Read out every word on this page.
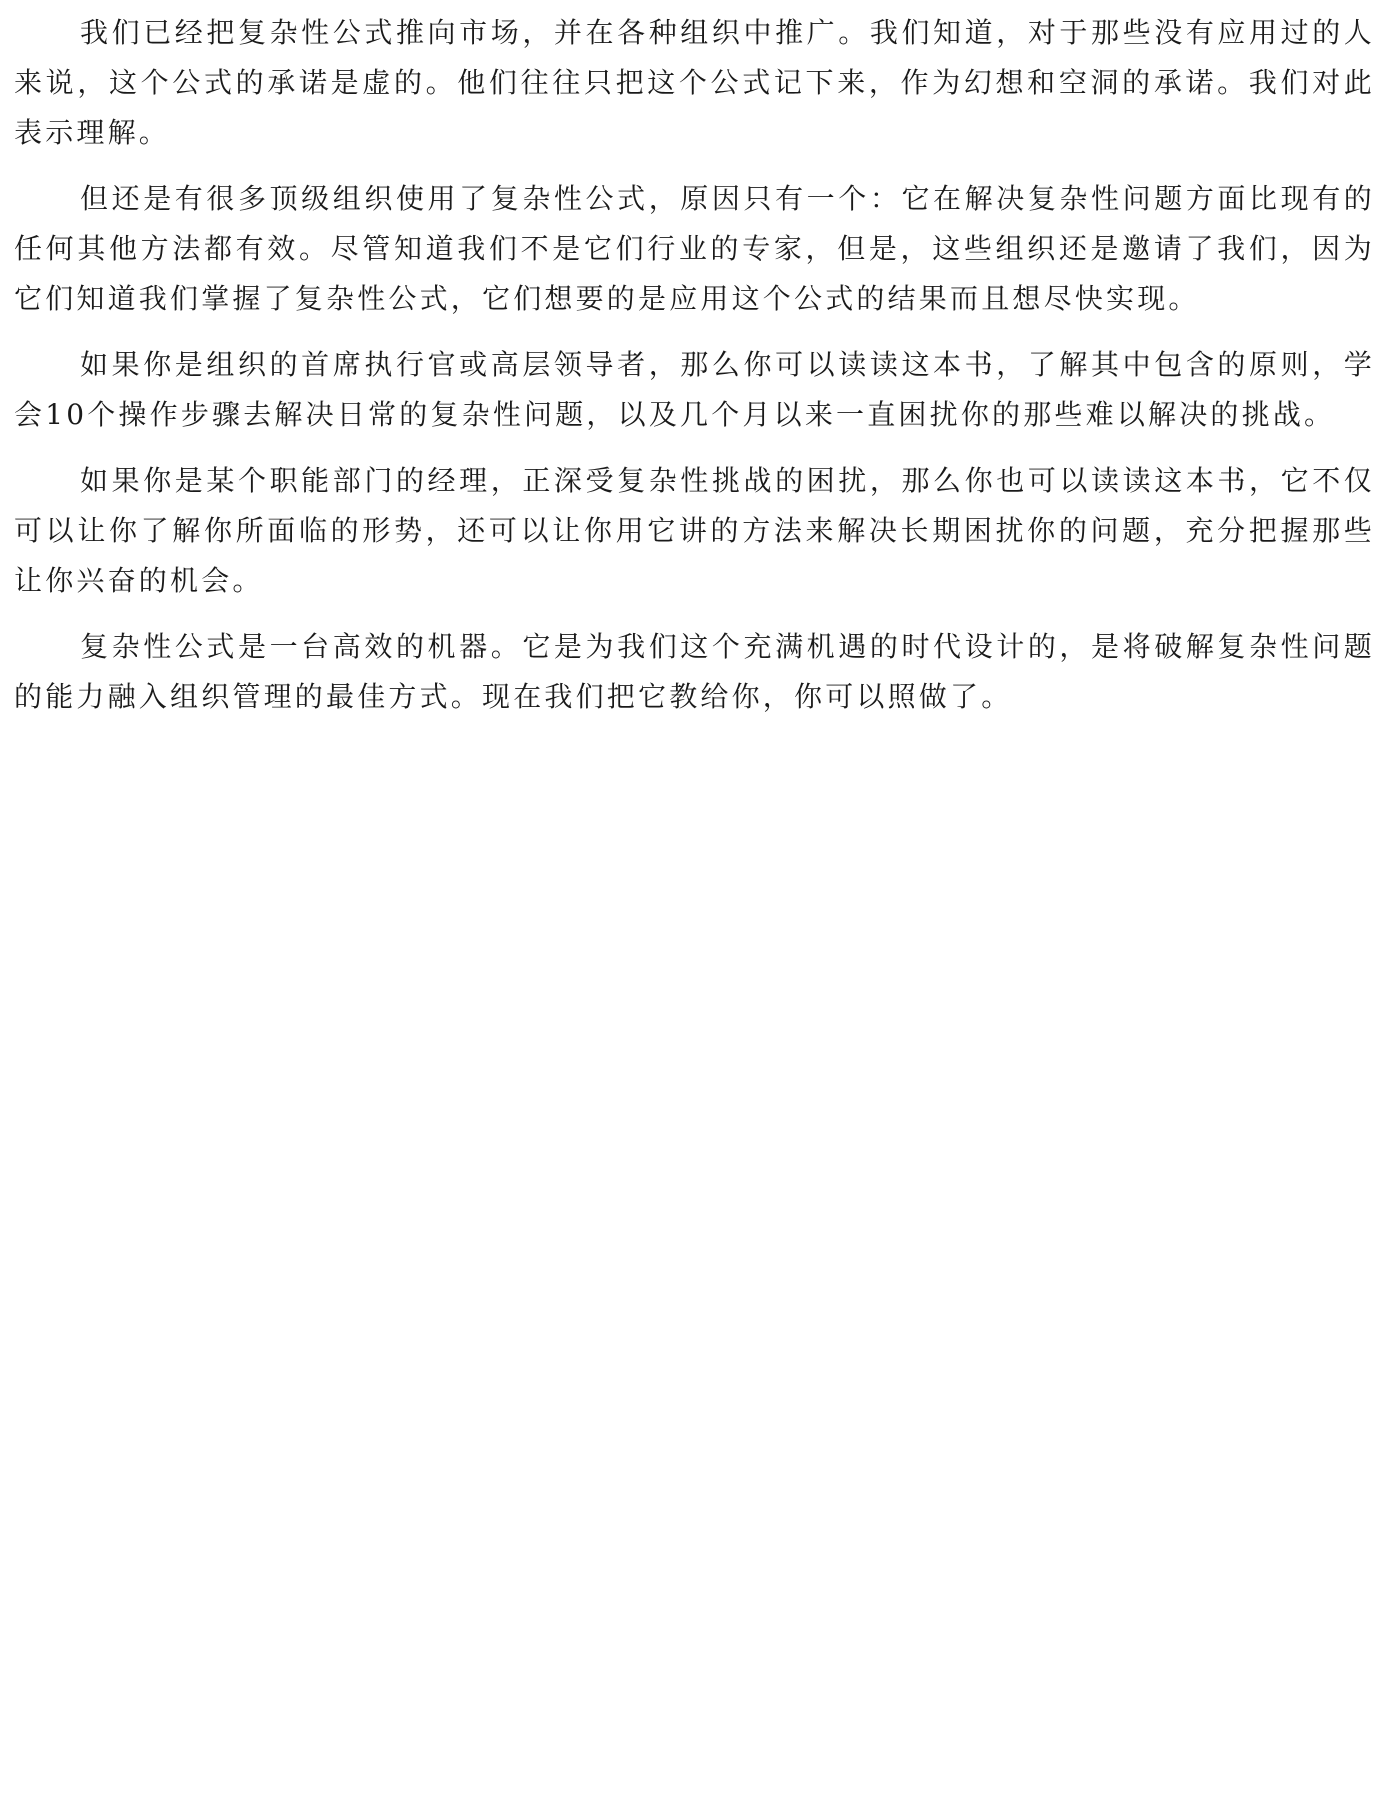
我们已经把复杂性公式推向市场，并在各种组织中推广。我们知道，对于那些没有应用过的人来说，这个公式的承诺是虚的。他们往往只把这个公式记下来，作为幻想和空洞的承诺。我们对此表示理解。

但还是有很多顶级组织使用了复杂性公式，原因只有一个：它在解决复杂性问题方面比现有的任何其他方法都有效。尽管知道我们不是它们行业的专家，但是，这些组织还是邀请了我们，因为它们知道我们掌握了复杂性公式，它们想要的是应用这个公式的结果而且想尽快实现。

如果你是组织的首席执行官或高层领导者，那么你可以读读这本书，了解其中包含的原则，学会10个操作步骤去解决日常的复杂性问题，以及几个月以来一直困扰你的那些难以解决的挑战。

如果你是某个职能部门的经理，正深受复杂性挑战的困扰，那么你也可以读读这本书，它不仅可以让你了解你所面临的形势，还可以让你用它讲的方法来解决长期困扰你的问题，充分把握那些让你兴奋的机会。

复杂性公式是一台高效的机器。它是为我们这个充满机遇的时代设计的，是将破解复杂性问题的能力融入组织管理的最佳方式。现在我们把它教给你，你可以照做了。
